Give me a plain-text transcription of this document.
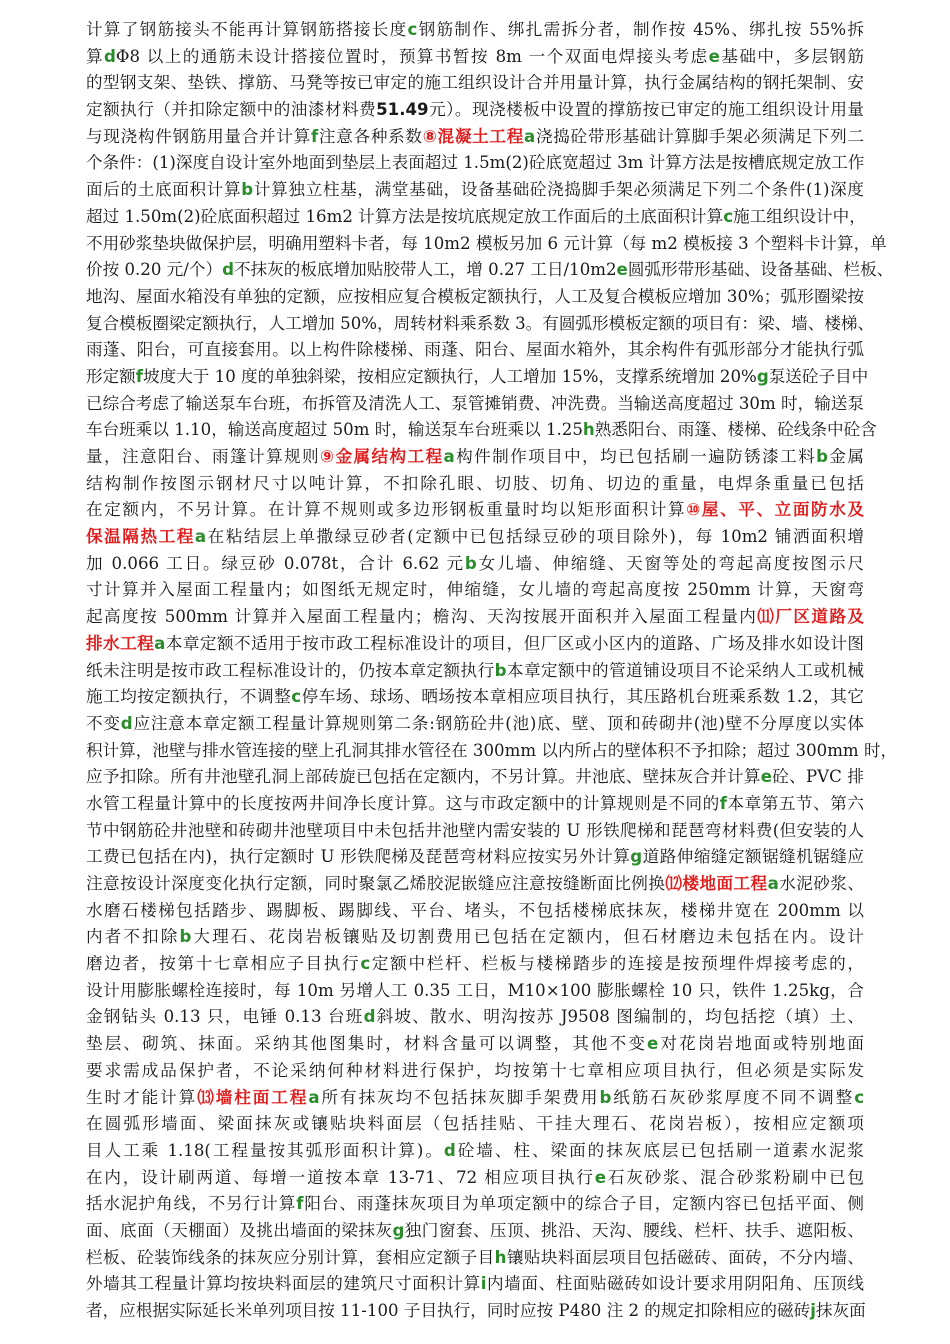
计算了钢筋接头不能再计算钢筋搭接长度c钢筋制作、绑扎需拆分者，制作按 45%、绑扎按 55%拆
算dΦ8 以上的通筋未设计搭接位置时，预算书暂按 8m 一个双面电焊接头考虑e基础中，多层钢筋
的型钢支架、垫铁、撑筋、马凳等按已审定的施工组织设计合并用量计算，执行金属结构的钢托架制、安
定额执行（并扣除定额中的油漆材料费51.49元）。现浇楼板中设置的撑筋按已审定的施工组织设计用量
与现浇构件钢筋用量合并计算f注意各种系数⑧混凝土工程a浇捣砼带形基础计算脚手架必须满足下列二
个条件：(1)深度自设计室外地面到垫层上表面超过 1.5m(2)砼底宽超过 3m 计算方法是按槽底规定放工作
面后的土底面积计算b计算独立柱基，满堂基础，设备基础砼浇捣脚手架必须满足下列二个条件(1)深度
超过 1.50m(2)砼底面积超过 16m2 计算方法是按坑底规定放工作面后的土底面积计算c施工组织设计中，
不用砂浆垫块做保护层，明确用塑料卡者，每 10m2 模板另加 6 元计算（每 m2 模板接 3 个塑料卡计算，单
价按 0.20 元/个）d不抹灰的板底增加贴胶带人工，增 0.27 工日/10m2e圆弧形带形基础、设备基础、栏板、
地沟、屋面水箱没有单独的定额，应按相应复合模板定额执行，人工及复合模板应增加 30%；弧形圈梁按
复合模板圈梁定额执行，人工增加 50%，周转材料乘系数 3。有圆弧形模板定额的项目有：梁、墙、楼梯、
雨蓬、阳台，可直接套用。以上构件除楼梯、雨蓬、阳台、屋面水箱外，其余构件有弧形部分才能执行弧
形定额f坡度大于 10 度的单独斜梁，按相应定额执行，人工增加 15%，支撑系统增加 20%g泵送砼子目中
已综合考虑了输送泵车台班，布拆管及清洗人工、泵管摊销费、冲洗费。当输送高度超过 30m 时，输送泵
车台班乘以 1.10，输送高度超过 50m 时，输送泵车台班乘以 1.25h熟悉阳台、雨篷、楼梯、砼线条中砼含
量，注意阳台、雨篷计算规则⑨金属结构工程a构件制作项目中，均已包括刷一遍防锈漆工料b金属
结构制作按图示钢材尺寸以吨计算，不扣除孔眼、切肢、切角、切边的重量，电焊条重量已包括
在定额内，不另计算。在计算不规则或多边形钢板重量时均以矩形面积计算⑩屋、平、立面防水及
保温隔热工程a在粘结层上单撒绿豆砂者(定额中已包括绿豆砂的项目除外)，每 10m2 铺洒面积增
加 0.066 工日。绿豆砂 0.078t，合计 6.62 元b女儿墙、伸缩缝、天窗等处的弯起高度按图示尺
寸计算并入屋面工程量内；如图纸无规定时，伸缩缝，女儿墙的弯起高度按 250mm 计算，天窗弯
起高度按 500mm 计算并入屋面工程量内；檐沟、天沟按展开面积并入屋面工程量内⑾厂区道路及
排水工程a本章定额不适用于按市政工程标准设计的项目，但厂区或小区内的道路、广场及排水如设计图
纸未注明是按市政工程标准设计的，仍按本章定额执行b本章定额中的管道铺设项目不论采纳人工或机械
施工均按定额执行，不调整c停车场、球场、晒场按本章相应项目执行，其压路机台班乘系数 1.2，其它
不变d应注意本章定额工程量计算规则第二条:钢筋砼井(池)底、壁、顶和砖砌井(池)壁不分厚度以实体
积计算，池壁与排水管连接的壁上孔洞其排水管径在 300mm 以内所占的壁体积不予扣除；超过 300mm 时，
应予扣除。所有井池壁孔洞上部砖旋已包括在定额内，不另计算。井池底、壁抹灰合并计算e砼、PVC 排
水管工程量计算中的长度按两井间净长度计算。这与市政定额中的计算规则是不同的f本章第五节、第六
节中钢筋砼井池壁和砖砌井池壁项目中未包括井池壁内需安装的 U 形铁爬梯和琵琶弯材料费(但安装的人
工费已包括在内)，执行定额时 U 形铁爬梯及琵琶弯材料应按实另外计算g道路伸缩缝定额锯缝机锯缝应
注意按设计深度变化执行定额，同时聚氯乙烯胶泥嵌缝应注意按缝断面比例换⑿楼地面工程a水泥砂浆、
水磨石楼梯包括踏步、踢脚板、踢脚线、平台、堵头，不包括楼梯底抹灰，楼梯井宽在 200mm 以
内者不扣除b大理石、花岗岩板镶贴及切割费用已包括在定额内，但石材磨边未包括在内。设计
磨边者，按第十七章相应子目执行c定额中栏杆、栏板与楼梯踏步的连接是按预埋件焊接考虑的，
设计用膨胀螺栓连接时，每 10m 另增人工 0.35 工日，M10×100 膨胀螺栓 10 只，铁件 1.25kg，合
金钢钻头 0.13 只，电锤 0.13 台班d斜坡、散水、明沟按苏 J9508 图编制的，均包括挖（填）土、
垫层、砌筑、抹面。采纳其他图集时，材料含量可以调整，其他不变e对花岗岩地面或特别地面
要求需成品保护者，不论采纳何种材料进行保护，均按第十七章相应项目执行，但必须是实际发
生时才能计算⒀墙柱面工程a所有抹灰均不包括抹灰脚手架费用b纸筋石灰砂浆厚度不同不调整c
在圆弧形墙面、梁面抹灰或镶贴块料面层（包括挂贴、干挂大理石、花岗岩板），按相应定额项
目人工乘 1.18(工程量按其弧形面积计算)。d砼墙、柱、梁面的抹灰底层已包括刷一道素水泥浆
在内，设计刷两道、每增一道按本章 13-71、72 相应项目执行e石灰砂浆、混合砂浆粉刷中已包
括水泥护角线，不另行计算f阳台、雨蓬抹灰项目为单项定额中的综合子目，定额内容已包括平面、侧
面、底面（天棚面）及挑出墙面的梁抹灰g独门窗套、压顶、挑沿、天沟、腰线、栏杆、扶手、遮阳板、
栏板、砼装饰线条的抹灰应分别计算，套相应定额子目h镶贴块料面层项目包括磁砖、面砖，不分内墙、
外墙其工程量计算均按块料面层的建筑尺寸面积计算i内墙面、柱面贴磁砖如设计要求用阴阳角、压顶线
者，应根据实际延长米单列项目按 11-100 子目执行，同时应按 P480 注 2 的规定扣除相应的磁砖j抹灰面
